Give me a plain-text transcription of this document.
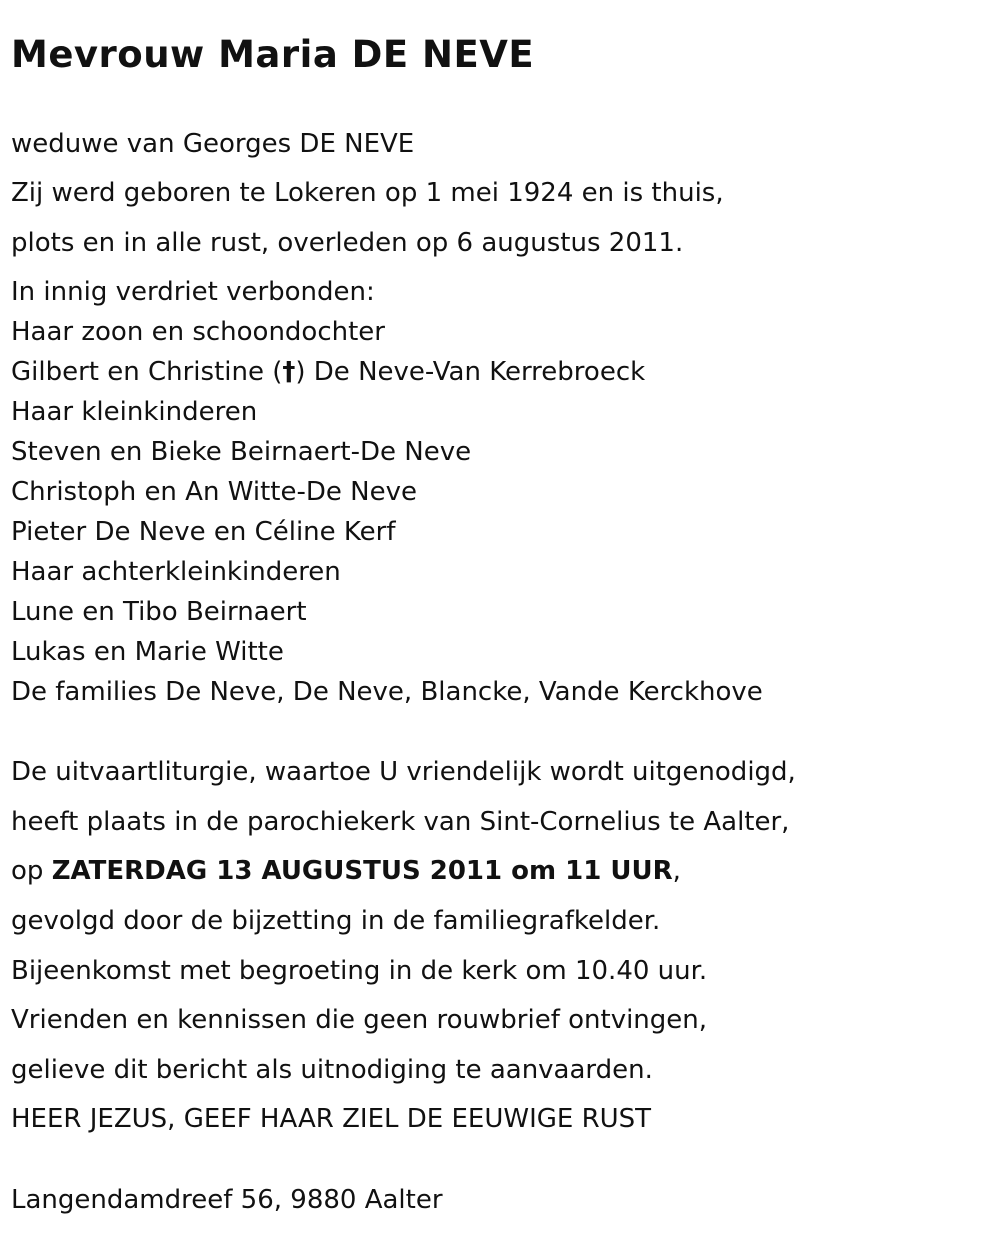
Mevrouw Maria DE NEVE
weduwe van Georges DE NEVE
Zij werd geboren te Lokeren op 1 mei 1924 en is thuis,
plots en in alle rust, overleden op 6 augustus 2011.
In innig verdriet verbonden:
Haar zoon en schoondochter
Gilbert en Christine (†) De Neve-Van Kerrebroeck
Haar kleinkinderen
Steven en Bieke Beirnaert-De Neve
Christoph en An Witte-De Neve
Pieter De Neve en Céline Kerf
Haar achterkleinkinderen
Lune en Tibo Beirnaert
Lukas en Marie Witte
De families De Neve, De Neve, Blancke, Vande Kerckhove
De uitvaartliturgie, waartoe U vriendelijk wordt uitgenodigd,
heeft plaats in de parochiekerk van Sint-Cornelius te Aalter,
op ZATERDAG 13 AUGUSTUS 2011 om 11 UUR,
gevolgd door de bijzetting in de familiegrafkelder.
Bijeenkomst met begroeting in de kerk om 10.40 uur.
Vrienden en kennissen die geen rouwbrief ontvingen,
gelieve dit bericht als uitnodiging te aanvaarden.
HEER JEZUS, GEEF HAAR ZIEL DE EEUWIGE RUST
Langendamdreef 56, 9880 Aalter
